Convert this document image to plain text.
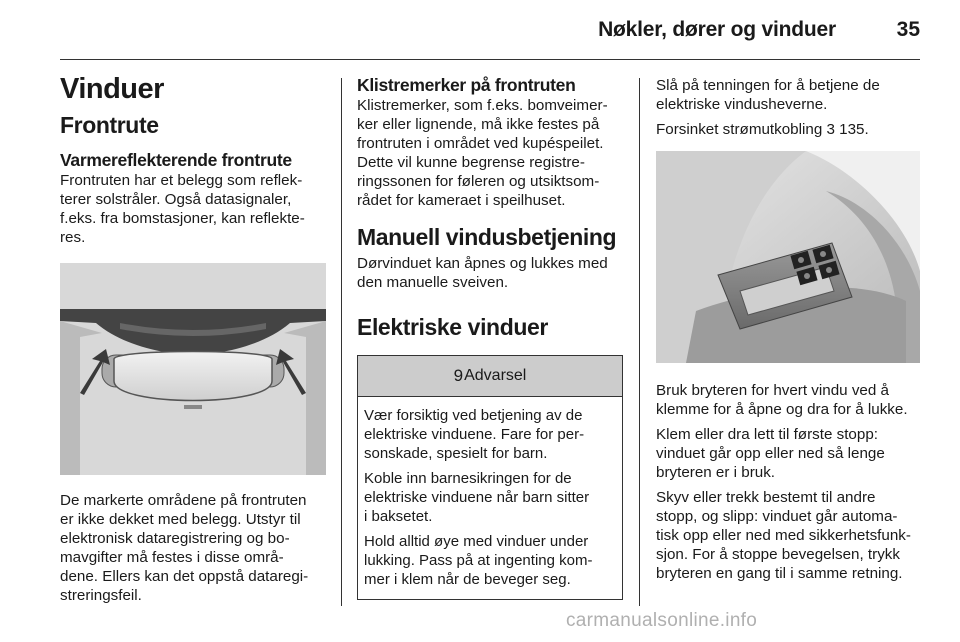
Nøkler, dører og vinduer	35
Vinduer
Frontrute
Varmereflekterende frontrute

Frontruten har et belegg som reflek-

terer solstråler. Også datasignaler,

f.eks. fra bomstasjoner, kan reflekte-

res.

De markerte områdene på frontruten

er ikke dekket med belegg. Utstyr til

elektronisk dataregistrering og bo-

mavgifter må festes i disse områ-

dene. Ellers kan det oppstå dataregi-

streringsfeil.

Klistremerker på frontruten

Klistremerker, som f.eks. bomveimer-

ker eller lignende, må ikke festes på

frontruten i området ved kupéspeilet.

Dette vil kunne begrense registre-

ringssonen for føleren og utsiktsom-

rådet for kameraet i speilhuset.

Manuell vindusbetjening

Dørvinduet kan åpnes og lukkes med

den manuelle sveiven.

Elektriske vinduer
9 Advarsel

Vær forsiktig ved betjening av de

elektriske vinduene. Fare for per-

sonskade, spesielt for barn.

Koble inn barnesikringen for de

elektriske vinduene når barn sitter

i baksetet.

Hold alltid øye med vinduer under

lukking. Pass på at ingenting kom-

mer i klem når de beveger seg.

Slå på tenningen for å betjene de

elektriske vindusheverne.

Forsinket strømutkobling 3 135.

Bruk bryteren for hvert vindu ved å

klemme for å åpne og dra for å lukke.

Klem eller dra lett til første stopp:

vinduet går opp eller ned så lenge

bryteren er i bruk.

Skyv eller trekk bestemt til andre

stopp, og slipp: vinduet går automa-

tisk opp eller ned med sikkerhetsfunk-

sjon. For å stoppe bevegelsen, trykk

bryteren en gang til i samme retning.

carmanualsonline.info
